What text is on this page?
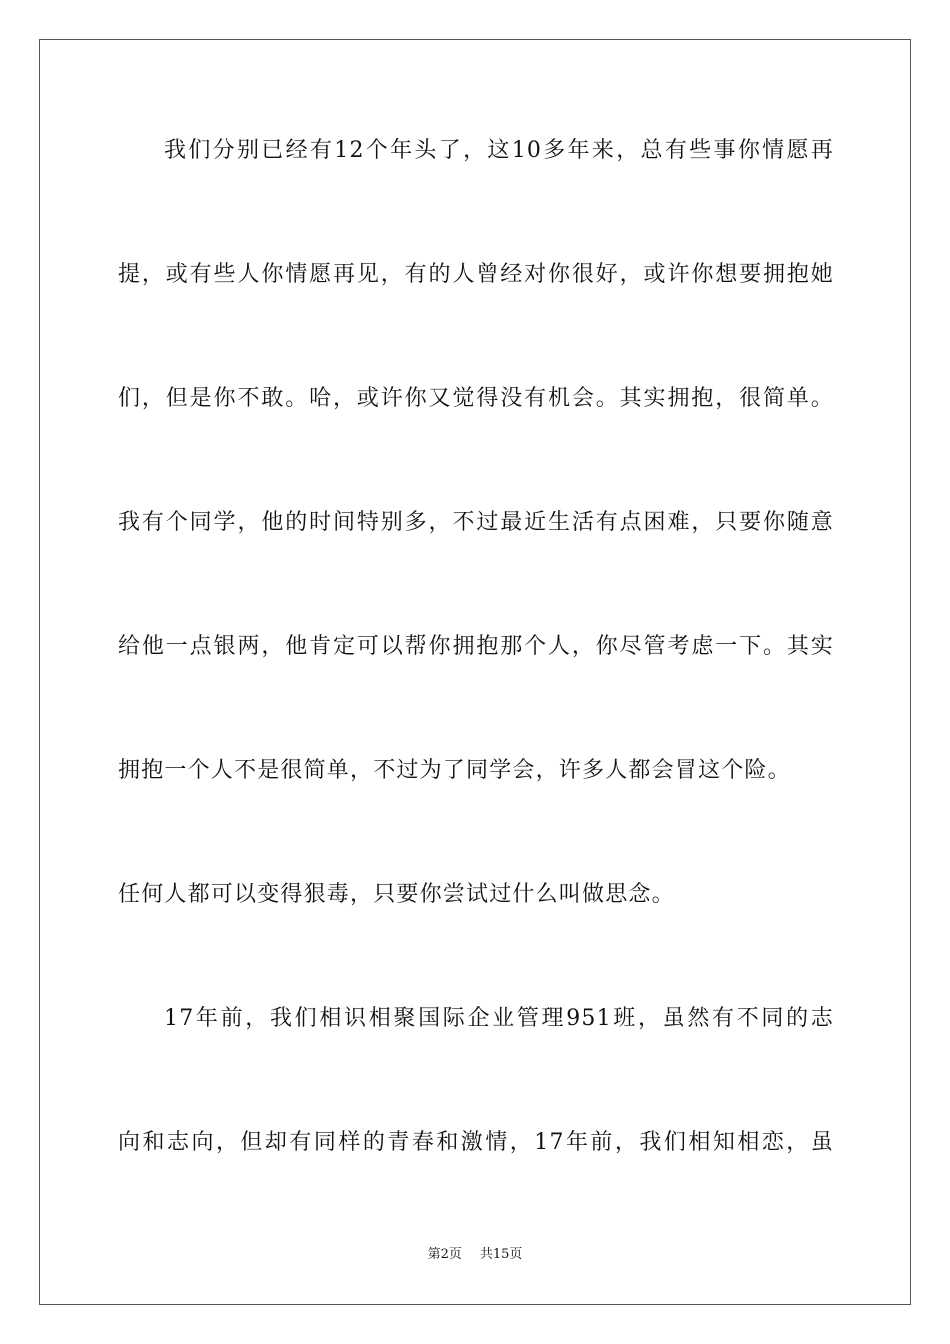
我们分别已经有12个年头了，这10多年来，总有些事你情愿再
提，或有些人你情愿再见，有的人曾经对你很好，或许你想要拥抱她
们，但是你不敢。哈，或许你又觉得没有机会。其实拥抱，很简单。
我有个同学，他的时间特别多，不过最近生活有点困难，只要你随意
给他一点银两，他肯定可以帮你拥抱那个人，你尽管考虑一下。其实
拥抱一个人不是很简单，不过为了同学会，许多人都会冒这个险。
任何人都可以变得狠毒，只要你尝试过什么叫做思念。
17年前，我们相识相聚国际企业管理951班，虽然有不同的志
向和志向，但却有同样的青春和激情，17年前，我们相知相恋，虽
第2页 共15页
